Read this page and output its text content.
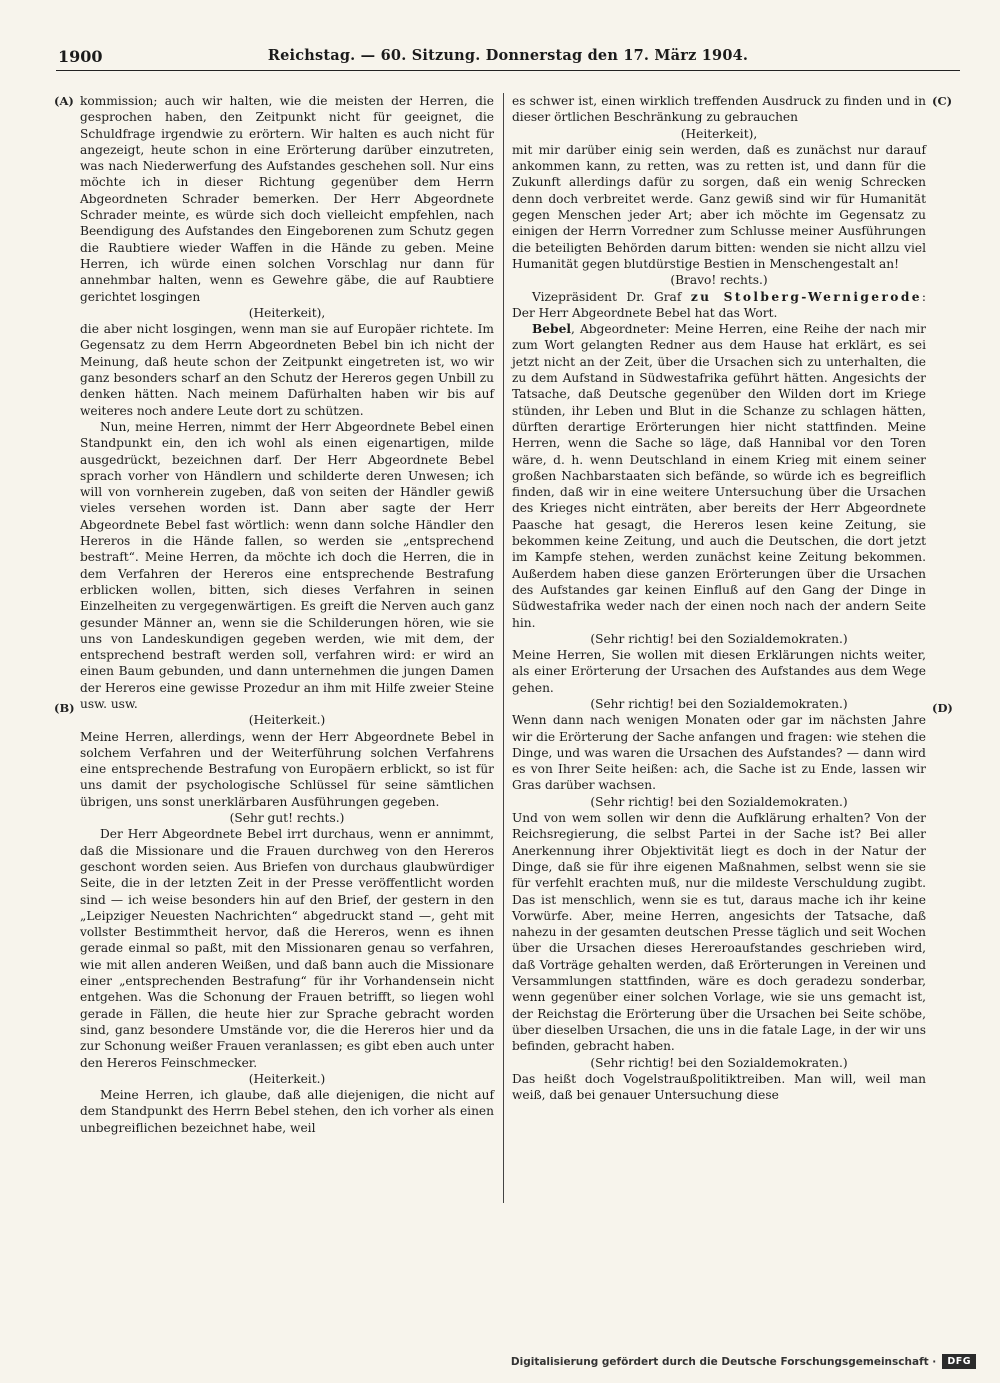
1900	Reichstag. — 60. Sitzung. Donnerstag den 17. März 1904.
(A)
(B)
(C)
(D)

kommission; auch wir halten, wie die meisten der Herren, die gesprochen haben, den Zeitpunkt nicht für geeignet, die Schuldfrage irgendwie zu erörtern. Wir halten es auch nicht für angezeigt, heute schon in eine Erörterung darüber einzutreten, was nach Niederwerfung des Aufstandes geschehen soll. Nur eins möchte ich in dieser Richtung gegenüber dem Herrn Abgeordneten Schrader bemerken. Der Herr Abgeordnete Schrader meinte, es würde sich doch vielleicht empfehlen, nach Beendigung des Aufstandes den Eingeborenen zum Schutz gegen die Raubtiere wieder Waffen in die Hände zu geben. Meine Herren, ich würde einen solchen Vorschlag nur dann für annehmbar halten, wenn es Gewehre gäbe, die auf Raubtiere gerichtet losgingen

(Heiterkeit),

die aber nicht losgingen, wenn man sie auf Europäer richtete. Im Gegensatz zu dem Herrn Abgeordneten Bebel bin ich nicht der Meinung, daß heute schon der Zeitpunkt eingetreten ist, wo wir ganz besonders scharf an den Schutz der Hereros gegen Unbill zu denken hätten. Nach meinem Dafürhalten haben wir bis auf weiteres noch andere Leute dort zu schützen.

Nun, meine Herren, nimmt der Herr Abgeordnete Bebel einen Standpunkt ein, den ich wohl als einen eigenartigen, milde ausgedrückt, bezeichnen darf. Der Herr Abgeordnete Bebel sprach vorher von Händlern und schilderte deren Unwesen; ich will von vornherein zugeben, daß von seiten der Händler gewiß vieles versehen worden ist. Dann aber sagte der Herr Abgeordnete Bebel fast wörtlich: wenn dann solche Händler den Hereros in die Hände fallen, so werden sie „entsprechend bestraft“. Meine Herren, da möchte ich doch die Herren, die in dem Verfahren der Hereros eine entsprechende Bestrafung erblicken wollen, bitten, sich dieses Verfahren in seinen Einzelheiten zu vergegenwärtigen. Es greift die Nerven auch ganz gesunder Männer an, wenn sie die Schilderungen hören, wie sie uns von Landeskundigen gegeben werden, wie mit dem, der entsprechend bestraft werden soll, verfahren wird: er wird an einen Baum gebunden, und dann unternehmen die jungen Damen der Hereros eine gewisse Prozedur an ihm mit Hilfe zweier Steine usw. usw.

(Heiterkeit.)

Meine Herren, allerdings, wenn der Herr Abgeordnete Bebel in solchem Verfahren und der Weiterführung solchen Verfahrens eine entsprechende Bestrafung von Europäern erblickt, so ist für uns damit der psychologische Schlüssel für seine sämtlichen übrigen, uns sonst unerklärbaren Ausführungen gegeben.

(Sehr gut! rechts.)

Der Herr Abgeordnete Bebel irrt durchaus, wenn er annimmt, daß die Missionare und die Frauen durchweg von den Hereros geschont worden seien. Aus Briefen von durchaus glaubwürdiger Seite, die in der letzten Zeit in der Presse veröffentlicht worden sind — ich weise besonders hin auf den Brief, der gestern in den „Leipziger Neuesten Nachrichten“ abgedruckt stand —, geht mit vollster Bestimmtheit hervor, daß die Hereros, wenn es ihnen gerade einmal so paßt, mit den Missionaren genau so verfahren, wie mit allen anderen Weißen, und daß bann auch die Missionare einer „entsprechenden Bestrafung“ für ihr Vorhandensein nicht entgehen. Was die Schonung der Frauen betrifft, so liegen wohl gerade in Fällen, die heute hier zur Sprache gebracht worden sind, ganz besondere Umstände vor, die die Hereros hier und da zur Schonung weißer Frauen veranlassen; es gibt eben auch unter den Hereros Feinschmecker.

(Heiterkeit.)

Meine Herren, ich glaube, daß alle diejenigen, die nicht auf dem Standpunkt des Herrn Bebel stehen, den ich vorher als einen unbegreiflichen bezeichnet habe, weil

es schwer ist, einen wirklich treffenden Ausdruck zu finden und in dieser örtlichen Beschränkung zu gebrauchen

(Heiterkeit),

mit mir darüber einig sein werden, daß es zunächst nur darauf ankommen kann, zu retten, was zu retten ist, und dann für die Zukunft allerdings dafür zu sorgen, daß ein wenig Schrecken denn doch verbreitet werde. Ganz gewiß sind wir für Humanität gegen Menschen jeder Art; aber ich möchte im Gegensatz zu einigen der Herrn Vorredner zum Schlusse meiner Ausführungen die beteiligten Behörden darum bitten: wenden sie nicht allzu viel Humanität gegen blutdürstige Bestien in Menschengestalt an!

(Bravo! rechts.)

Vizepräsident Dr. Graf zu Stolberg-Wernigerode: Der Herr Abgeordnete Bebel hat das Wort.

Bebel, Abgeordneter: Meine Herren, eine Reihe der nach mir zum Wort gelangten Redner aus dem Hause hat erklärt, es sei jetzt nicht an der Zeit, über die Ursachen sich zu unterhalten, die zu dem Aufstand in Südwestafrika geführt hätten. Angesichts der Tatsache, daß Deutsche gegenüber den Wilden dort im Kriege stünden, ihr Leben und Blut in die Schanze zu schlagen hätten, dürften derartige Erörterungen hier nicht stattfinden. Meine Herren, wenn die Sache so läge, daß Hannibal vor den Toren wäre, d. h. wenn Deutschland in einem Krieg mit einem seiner großen Nachbarstaaten sich befände, so würde ich es begreiflich finden, daß wir in eine weitere Untersuchung über die Ursachen des Krieges nicht einträten, aber bereits der Herr Abgeordnete Paasche hat gesagt, die Hereros lesen keine Zeitung, sie bekommen keine Zeitung, und auch die Deutschen, die dort jetzt im Kampfe stehen, werden zunächst keine Zeitung bekommen. Außerdem haben diese ganzen Erörterungen über die Ursachen des Aufstandes gar keinen Einfluß auf den Gang der Dinge in Südwestafrika weder nach der einen noch nach der andern Seite hin.

(Sehr richtig! bei den Sozialdemokraten.)

Meine Herren, Sie wollen mit diesen Erklärungen nichts weiter, als einer Erörterung der Ursachen des Aufstandes aus dem Wege gehen.

(Sehr richtig! bei den Sozialdemokraten.)

Wenn dann nach wenigen Monaten oder gar im nächsten Jahre wir die Erörterung der Sache anfangen und fragen: wie stehen die Dinge, und was waren die Ursachen des Aufstandes? — dann wird es von Ihrer Seite heißen: ach, die Sache ist zu Ende, lassen wir Gras darüber wachsen.

(Sehr richtig! bei den Sozialdemokraten.)

Und von wem sollen wir denn die Aufklärung erhalten? Von der Reichsregierung, die selbst Partei in der Sache ist? Bei aller Anerkennung ihrer Objektivität liegt es doch in der Natur der Dinge, daß sie für ihre eigenen Maßnahmen, selbst wenn sie sie für verfehlt erachten muß, nur die mildeste Verschuldung zugibt. Das ist menschlich, wenn sie es tut, daraus mache ich ihr keine Vorwürfe. Aber, meine Herren, angesichts der Tatsache, daß nahezu in der gesamten deutschen Presse täglich und seit Wochen über die Ursachen dieses Hereroaufstandes geschrieben wird, daß Vorträge gehalten werden, daß Erörterungen in Vereinen und Versammlungen stattfinden, wäre es doch geradezu sonderbar, wenn gegenüber einer solchen Vorlage, wie sie uns gemacht ist, der Reichstag die Erörterung über die Ursachen bei Seite schöbe, über dieselben Ursachen, die uns in die fatale Lage, in der wir uns befinden, gebracht haben.

(Sehr richtig! bei den Sozialdemokraten.)

Das heißt doch Vogelstraußpolitiktreiben. Man will, weil man weiß, daß bei genauer Untersuchung diese

Digitalisierung gefördert durch die Deutsche Forschungsgemeinschaft ·	DFG
